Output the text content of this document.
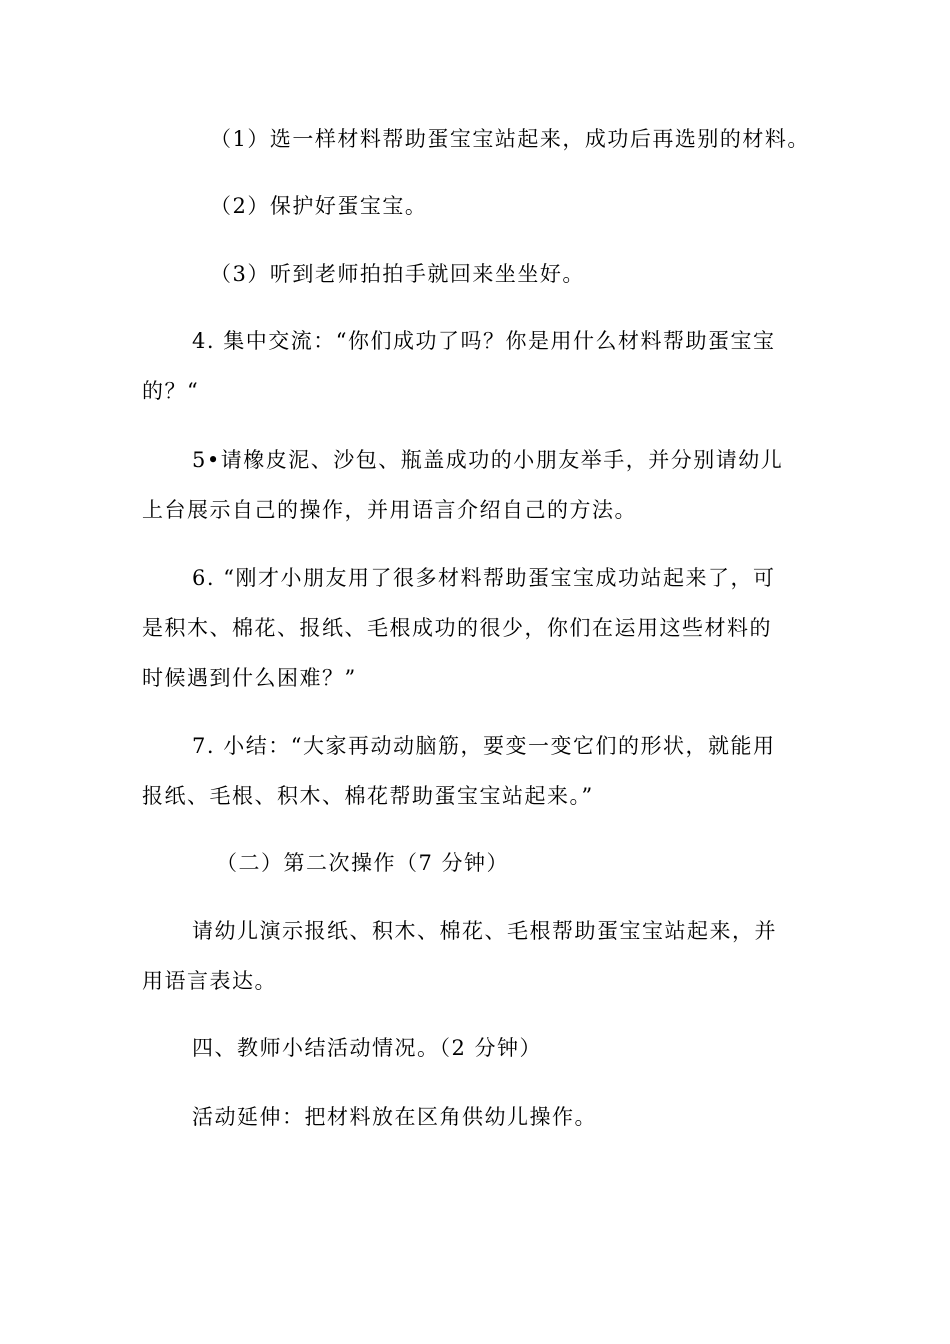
（1）选一样材料帮助蛋宝宝站起来，成功后再选别的材料。
（2）保护好蛋宝宝。
（3）听到老师拍拍手就回来坐坐好。
4. 集中交流：“你们成功了吗？你是用什么材料帮助蛋宝宝
的？“
5•请橡皮泥、沙包、瓶盖成功的小朋友举手，并分别请幼儿
上台展示自己的操作，并用语言介绍自己的方法。
6. “刚才小朋友用了很多材料帮助蛋宝宝成功站起来了，可
是积木、棉花、报纸、毛根成功的很少，你们在运用这些材料的
时候遇到什么困难？”
7. 小结：“大家再动动脑筋，要变一变它们的形状，就能用
报纸、毛根、积木、棉花帮助蛋宝宝站起来。”
（二）第二次操作（7 分钟）
请幼儿演示报纸、积木、棉花、毛根帮助蛋宝宝站起来，并
用语言表达。
四、教师小结活动情况。（2 分钟）
活动延伸：把材料放在区角供幼儿操作。
